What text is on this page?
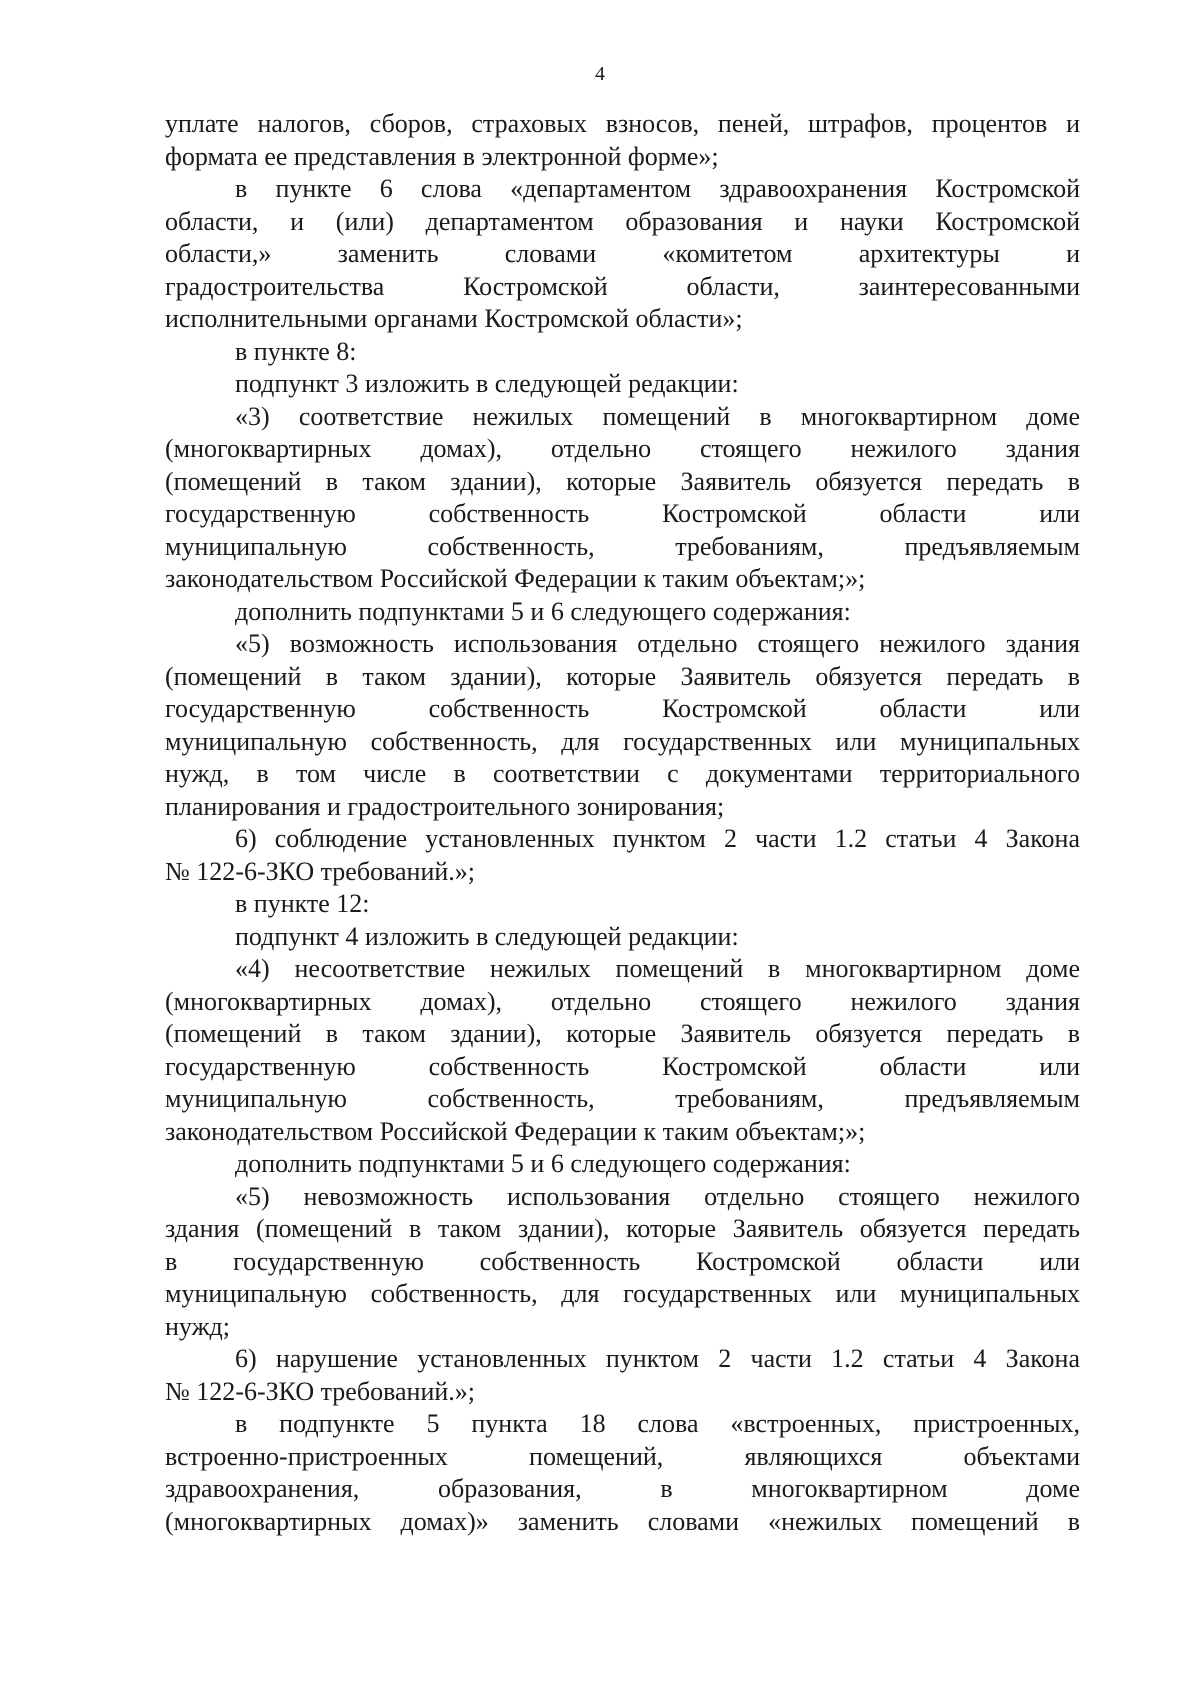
4
уплате налогов, сборов, страховых взносов, пеней, штрафов, процентов и
формата ее представления в электронной форме»;
в пункте 6 слова «департаментом здравоохранения Костромской
области, и (или) департаментом образования и науки Костромской
области,» заменить словами «комитетом архитектуры и
градостроительства Костромской области, заинтересованными
исполнительными органами Костромской области»;
в пункте 8:
подпункт 3 изложить в следующей редакции:
«3) соответствие нежилых помещений в многоквартирном доме
(многоквартирных домах), отдельно стоящего нежилого здания
(помещений в таком здании), которые Заявитель обязуется передать в
государственную собственность Костромской области или
муниципальную собственность, требованиям, предъявляемым
законодательством Российской Федерации к таким объектам;»;
дополнить подпунктами 5 и 6 следующего содержания:
«5) возможность использования отдельно стоящего нежилого здания
(помещений в таком здании), которые Заявитель обязуется передать в
государственную собственность Костромской области или
муниципальную собственность, для государственных или муниципальных
нужд, в том числе в соответствии с документами территориального
планирования и градостроительного зонирования;
6) соблюдение установленных пунктом 2 части 1.2 статьи 4 Закона
№ 122-6-ЗКО требований.»;
в пункте 12:
подпункт 4 изложить в следующей редакции:
«4) несоответствие нежилых помещений в многоквартирном доме
(многоквартирных домах), отдельно стоящего нежилого здания
(помещений в таком здании), которые Заявитель обязуется передать в
государственную собственность Костромской области или
муниципальную собственность, требованиям, предъявляемым
законодательством Российской Федерации к таким объектам;»;
дополнить подпунктами 5 и 6 следующего содержания:
«5) невозможность использования отдельно стоящего нежилого
здания (помещений в таком здании), которые Заявитель обязуется передать
в государственную собственность Костромской области или
муниципальную собственность, для государственных или муниципальных
нужд;
6) нарушение установленных пунктом 2 части 1.2 статьи 4 Закона
№ 122-6-ЗКО требований.»;
в подпункте 5 пункта 18 слова «встроенных, пристроенных,
встроенно-пристроенных помещений, являющихся объектами
здравоохранения, образования, в многоквартирном доме
(многоквартирных домах)» заменить словами «нежилых помещений в
